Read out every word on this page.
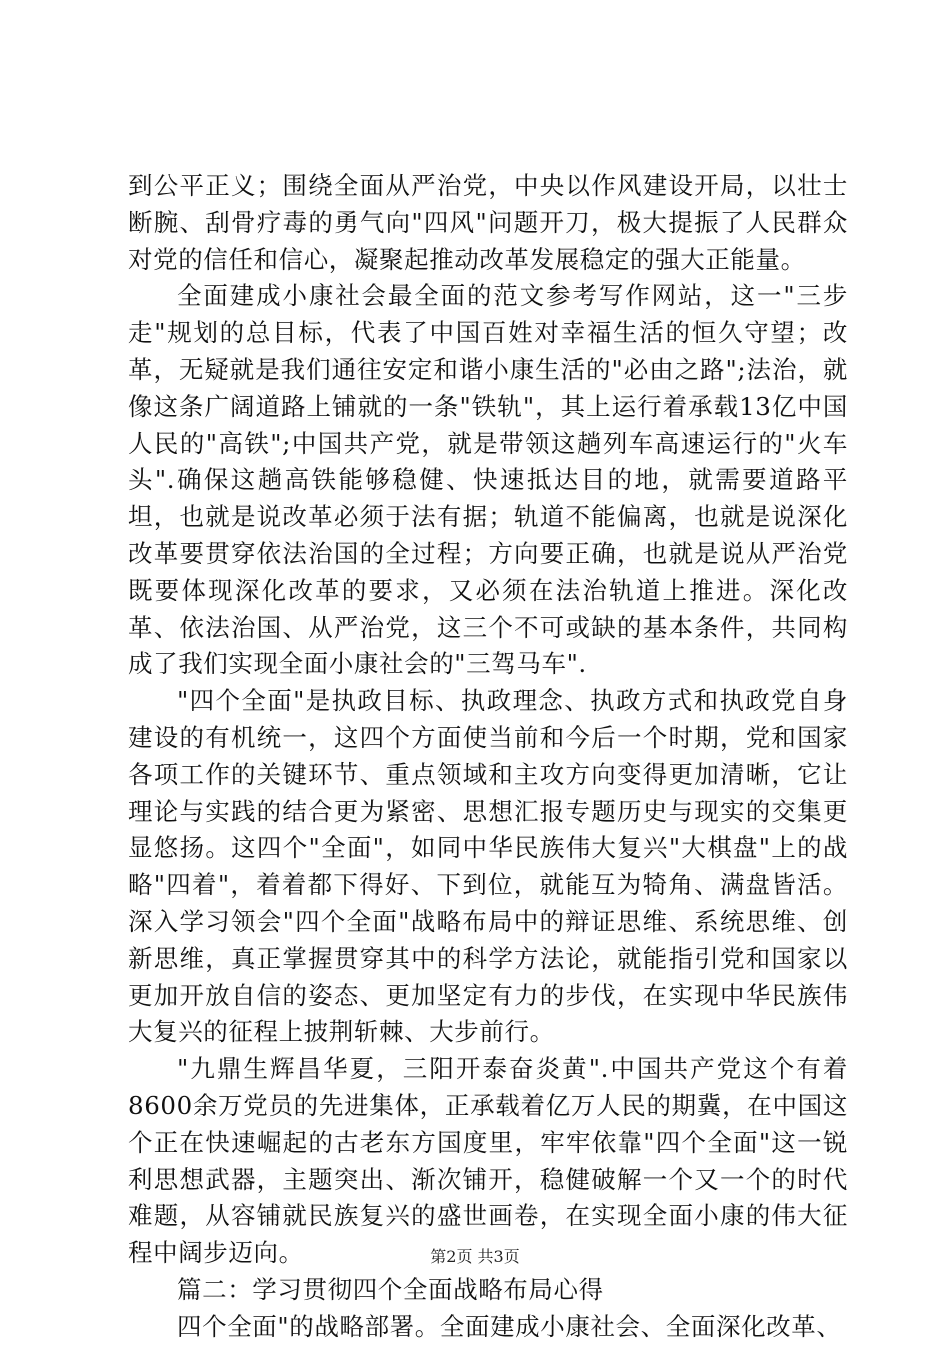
到公平正义；围绕全面从严治党，中央以作风建设开局，以壮士断腕、刮骨疗毒的勇气向"四风"问题开刀，极大提振了人民群众对党的信任和信心，凝聚起推动改革发展稳定的强大正能量。

全面建成小康社会最全面的范文参考写作网站，这一"三步走"规划的总目标，代表了中国百姓对幸福生活的恒久守望；改革，无疑就是我们通往安定和谐小康生活的"必由之路";法治，就像这条广阔道路上铺就的一条"铁轨"，其上运行着承载13亿中国人民的"高铁";中国共产党，就是带领这趟列车高速运行的"火车头".确保这趟高铁能够稳健、快速抵达目的地，就需要道路平坦，也就是说改革必须于法有据；轨道不能偏离，也就是说深化改革要贯穿依法治国的全过程；方向要正确，也就是说从严治党既要体现深化改革的要求，又必须在法治轨道上推进。深化改革、依法治国、从严治党，这三个不可或缺的基本条件，共同构成了我们实现全面小康社会的"三驾马车".

"四个全面"是执政目标、执政理念、执政方式和执政党自身建设的有机统一，这四个方面使当前和今后一个时期，党和国家各项工作的关键环节、重点领域和主攻方向变得更加清晰，它让理论与实践的结合更为紧密、思想汇报专题历史与现实的交集更显悠扬。这四个"全面"，如同中华民族伟大复兴"大棋盘"上的战略"四着"，着着都下得好、下到位，就能互为犄角、满盘皆活。深入学习领会"四个全面"战略布局中的辩证思维、系统思维、创新思维，真正掌握贯穿其中的科学方法论，就能指引党和国家以更加开放自信的姿态、更加坚定有力的步伐，在实现中华民族伟大复兴的征程上披荆斩棘、大步前行。

"九鼎生辉昌华夏，三阳开泰奋炎黄".中国共产党这个有着8600余万党员的先进集体，正承载着亿万人民的期冀，在中国这个正在快速崛起的古老东方国度里，牢牢依靠"四个全面"这一锐利思想武器，主题突出、渐次铺开，稳健破解一个又一个的时代难题，从容铺就民族复兴的盛世画卷，在实现全面小康的伟大征程中阔步迈向。

篇二：学习贯彻四个全面战略布局心得

四个全面"的战略部署。全面建成小康社会、全面深化改革、

第2页 共3页
